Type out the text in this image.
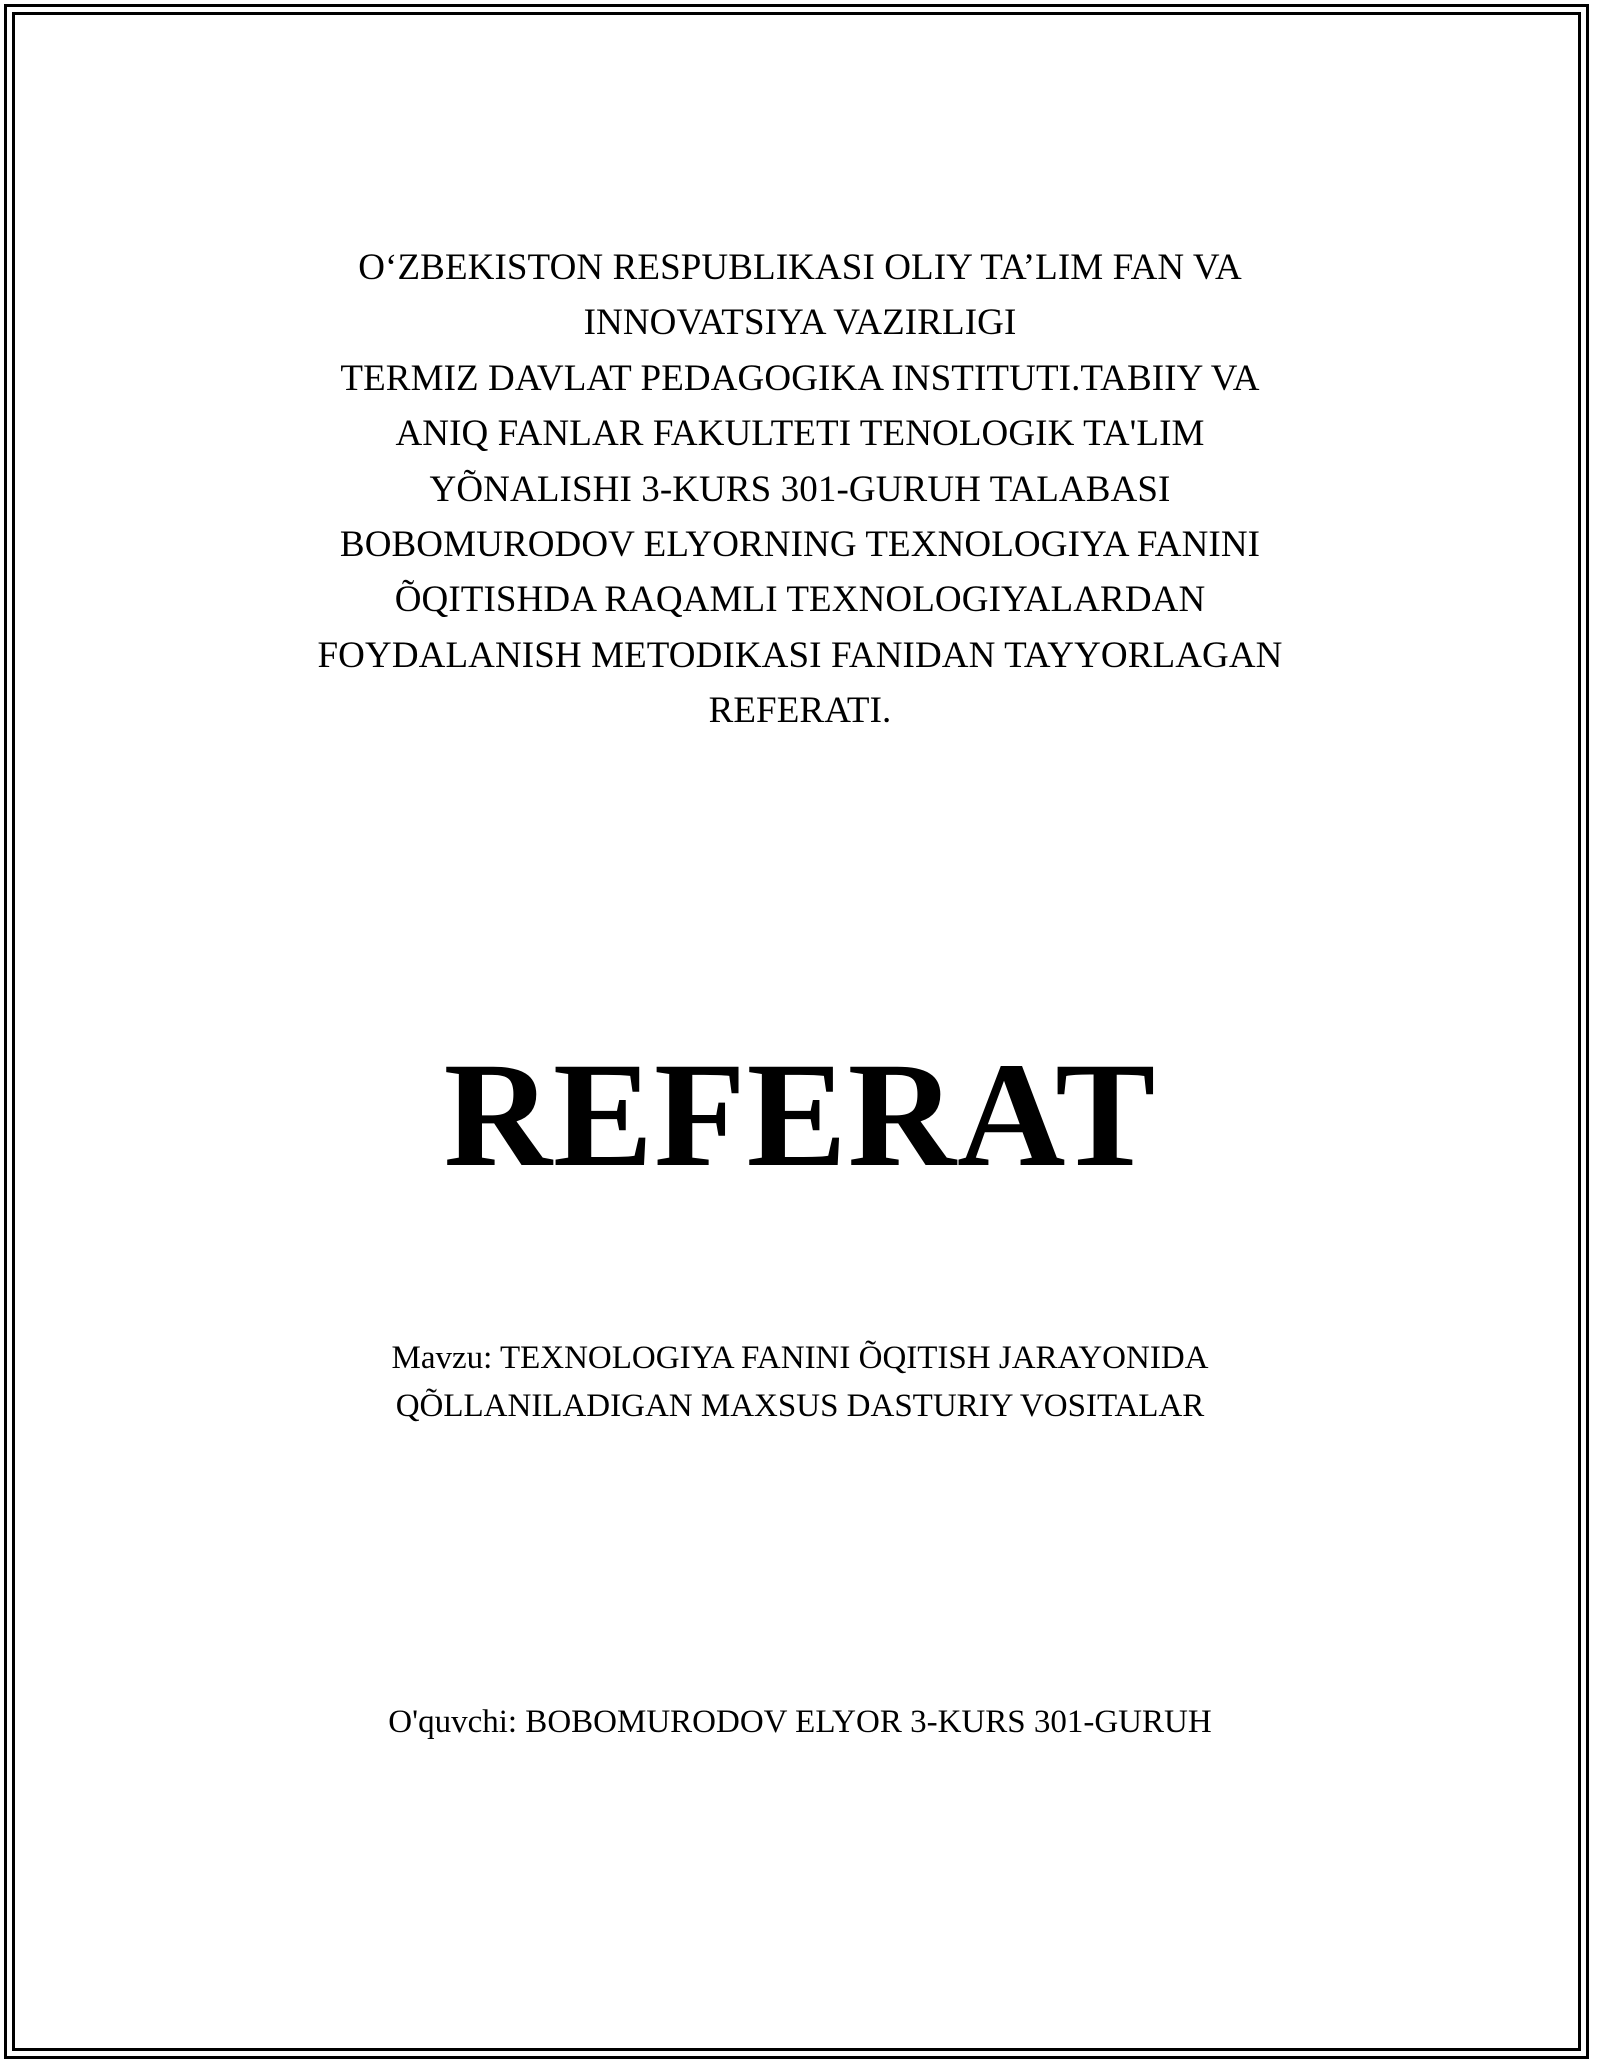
O‘ZBEKISTON RESPUBLIKASI OLIY TA’LIM FAN VA
INNOVATSIYA VAZIRLIGI
TERMIZ DAVLAT PEDAGOGIKA INSTITUTI.TABIIY VA
ANIQ FANLAR FAKULTETI TENOLOGIK TA'LIM
YÕNALISHI 3-KURS 301-GURUH TALABASI
BOBOMURODOV ELYORNING TEXNOLOGIYA FANINI
ÕQITISHDA RAQAMLI TEXNOLOGIYALARDAN
FOYDALANISH METODIKASI FANIDAN TAYYORLAGAN
REFERATI.
REFERAT
Mavzu: TEXNOLOGIYA FANINI ÕQITISH JARAYONIDA
QÕLLANILADIGAN MAXSUS DASTURIY VOSITALAR
O'quvchi: BOBOMURODOV ELYOR 3-KURS 301-GURUH
